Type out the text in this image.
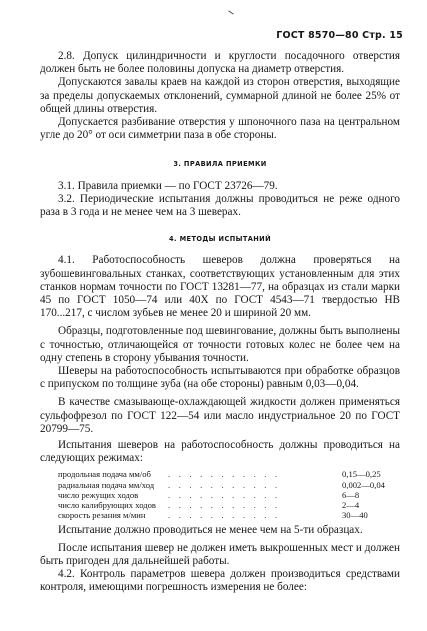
ГОСТ 8570—80 Стр. 15

2.8. Допуск цилиндричности и круглости посадочного отверстия должен быть не более половины допуска на диаметр отверстия.

Допускаются завалы краев на каждой из сторон отверстия, выходящие за пределы допускаемых отклонений, суммарной длиной не более 25% от общей длины отверстия.

Допускается разбивание отверстия у шпоночного паза на центральном угле до 20° от оси симметрии паза в обе стороны.

3. ПРАВИЛА ПРИЕМКИ

3.1. Правила приемки — по ГОСТ 23726—79.

3.2. Периодические испытания должны проводиться не реже одного раза в 3 года и не менее чем на 3 шеверах.

4. МЕТОДЫ ИСПЫТАНИЙ

4.1. Работоспособность шеверов должна проверяться на зубошевинговальных станках, соответствующих установленным для этих станков нормам точности по ГОСТ 13281—77, на образцах из стали марки 45 по ГОСТ 1050—74 или 40Х по ГОСТ 4543—71 твердостью НВ 170...217, с числом зубьев не менее 20 и шириной 20 мм.

Образцы, подготовленные под шевингование, должны быть выполнены с точностью, отличающейся от точности готовых колес не более чем на одну степень в сторону убывания точности.

Шеверы на работоспособность испытываются при обработке образцов с припуском по толщине зуба (на обе стороны) равным 0,03—0,04.

В качестве смазывающе-охлаждающей жидкости должен применяться сульфофрезол по ГОСТ 122—54 или масло индустриальное 20 по ГОСТ 20799—75.

Испытания шеверов на работоспособность должны проводиться на следующих режимах:

продольная подача мм/об	. . . . . . . . . . .	0,15—0,25
радиальная подача мм/ход	. . . . . . . . . . .	0,002—0,04
число режущих ходов	. . . . . . . . . . .	6—8
число калибрующих ходов	. . . . . . . . . . .	2—4
скорость резания м/мин	. . . . . . . . . . .	30—40

Испытание должно проводиться не менее чем на 5-ти образцах.

После испытания шевер не должен иметь выкрошенных мест и должен быть пригоден для дальнейшей работы.

4.2. Контроль параметров шевера должен производиться средствами контроля, имеющими погрешность измерения не более:
